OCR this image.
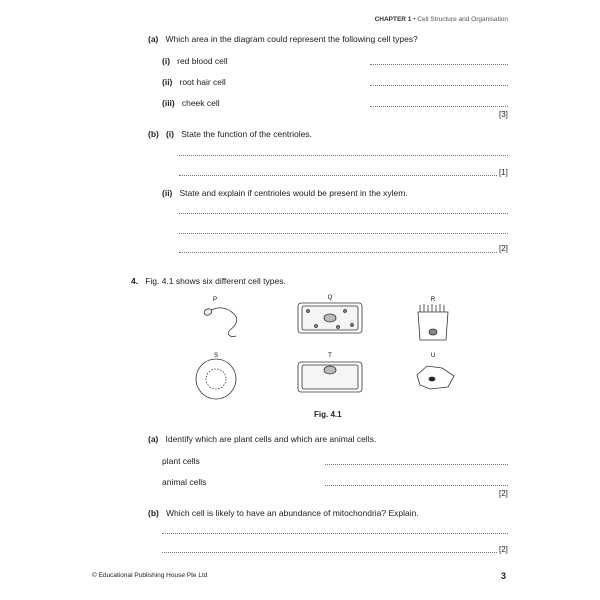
CHAPTER 1 • Cell Structure and Organisation
(a) Which area in the diagram could represent the following cell types?
(i) red blood cell
(ii) root hair cell
(iii) cheek cell
[3]
(b) (i) State the function of the centrioles.
[1]
(ii) State and explain if centrioles would be present in the xylem.
[2]
4. Fig. 4.1 shows six different cell types.
P	Q	R
S	T	U
Fig. 4.1
(a) Identify which are plant cells and which are animal cells.
plant cells
animal cells
[2]
(b) Which cell is likely to have an abundance of mitochondria? Explain.
[2]
© Educational Publishing House Pte Ltd	3
